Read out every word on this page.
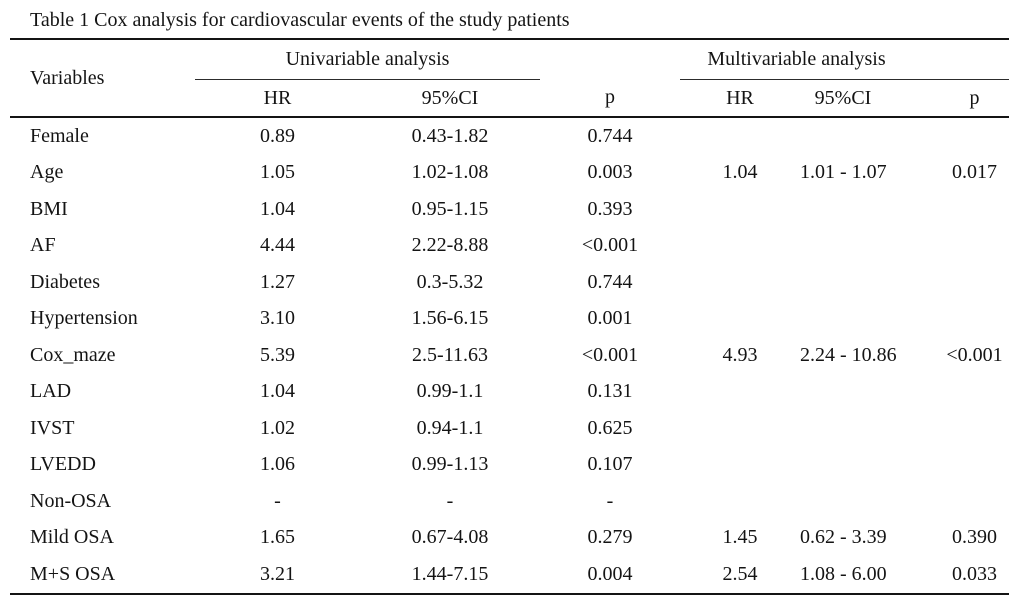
Table 1 Cox analysis for cardiovascular events of the study patients
Variables	Univariable analysis			Multivariable analysis		
	HR	95%CI	p	HR	95%CI	p
Female	0.89	0.43-1.82	0.744			
Age	1.05	1.02-1.08	0.003	1.04	1.01 - 1.07	0.017
BMI	1.04	0.95-1.15	0.393			
AF	4.44	2.22-8.88	<0.001			
Diabetes	1.27	0.3-5.32	0.744			
Hypertension	3.10	1.56-6.15	0.001			
Cox_maze	5.39	2.5-11.63	<0.001	4.93	2.24 - 10.86	<0.001
LAD	1.04	0.99-1.1	0.131			
IVST	1.02	0.94-1.1	0.625			
LVEDD	1.06	0.99-1.13	0.107			
Non-OSA	-	-	-			
Mild OSA	1.65	0.67-4.08	0.279	1.45	0.62 - 3.39	0.390
M+S OSA	3.21	1.44-7.15	0.004	2.54	1.08 - 6.00	0.033
